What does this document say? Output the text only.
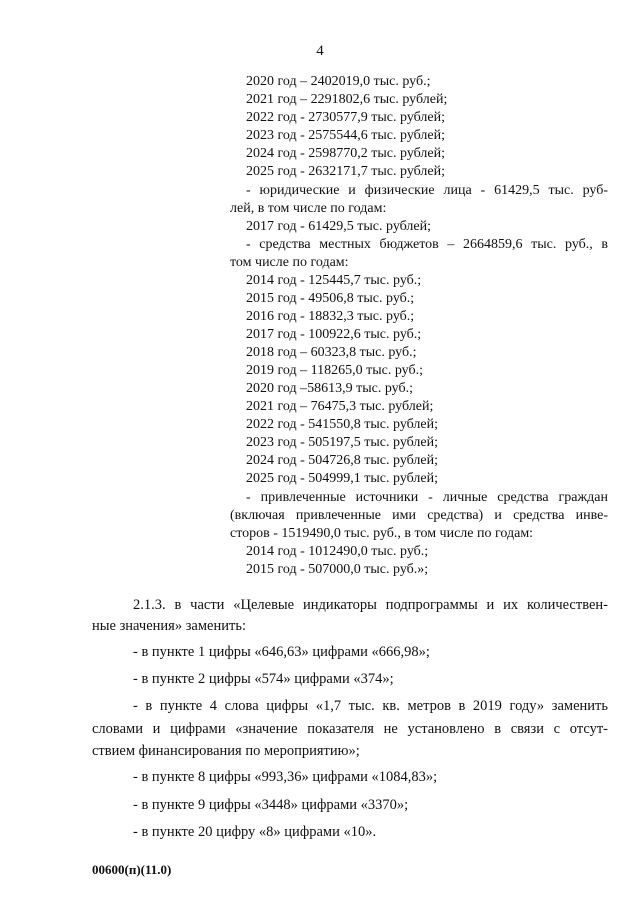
4
2020 год – 2402019,0 тыс. руб.;
2021 год – 2291802,6 тыс. рублей;
2022 год - 2730577,9 тыс. рублей;
2023 год - 2575544,6 тыс. рублей;
2024 год - 2598770,2 тыс. рублей;
2025 год - 2632171,7 тыс. рублей;
- юридические и физические лица - 61429,5 тыс. руб-
лей, в том числе по годам:
2017 год - 61429,5 тыс. рублей;
- средства местных бюджетов – 2664859,6 тыс. руб., в
том числе по годам:
2014 год - 125445,7 тыс. руб.;
2015 год - 49506,8 тыс. руб.;
2016 год - 18832,3 тыс. руб.;
2017 год - 100922,6 тыс. руб.;
2018 год – 60323,8 тыс. руб.;
2019 год – 118265,0 тыс. руб.;
2020 год –58613,9 тыс. руб.;
2021 год – 76475,3 тыс. рублей;
2022 год - 541550,8 тыс. рублей;
2023 год - 505197,5 тыс. рублей;
2024 год - 504726,8 тыс. рублей;
2025 год - 504999,1 тыс. рублей;
- привлеченные источники - личные средства граждан
(включая привлеченные ими средства) и средства инве-
сторов - 1519490,0 тыс. руб., в том числе по годам:
2014 год - 1012490,0 тыс. руб.;
2015 год - 507000,0 тыс. руб.»;
2.1.3. в части «Целевые индикаторы подпрограммы и их количествен-
ные значения» заменить:
- в пункте 1 цифры «646,63» цифрами «666,98»;
- в пункте 2 цифры «574» цифрами «374»;
- в пункте 4 слова цифры «1,7 тыс. кв. метров в 2019 году» заменить
словами и цифрами «значение показателя не установлено в связи с отсут-
ствием финансирования по мероприятию»;
- в пункте 8 цифры «993,36» цифрами «1084,83»;
- в пункте 9 цифры «3448» цифрами «3370»;
- в пункте 20 цифру «8» цифрами «10».
00600(п)(11.0)
